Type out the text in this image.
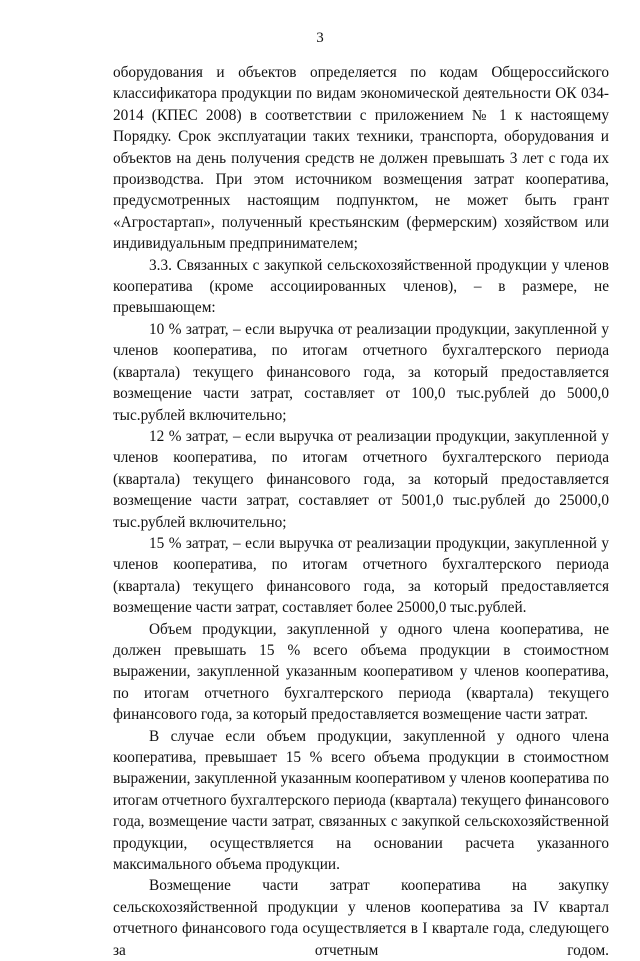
3

оборудования и объектов определяется по кодам Общероссийского классификатора продукции по видам экономической деятельности ОК 034-2014 (КПЕС 2008) в соответствии с приложением № 1 к настоящему Порядку. Срок эксплуатации таких техники, транспорта, оборудования и объектов на день получения средств не должен превышать 3 лет с года их производства. При этом источником возмещения затрат кооператива, предусмотренных настоящим подпунктом, не может быть грант «Агростартап», полученный крестьянским (фермерским) хозяйством или индивидуальным предпринимателем;

3.3. Связанных с закупкой сельскохозяйственной продукции у членов кооператива (кроме ассоциированных членов), – в размере, не превышающем:

10 % затрат, – если выручка от реализации продукции, закупленной у членов кооператива, по итогам отчетного бухгалтерского периода (квартала) текущего финансового года, за который предоставляется возмещение части затрат, составляет от 100,0 тыс.рублей до 5000,0 тыс.рублей включительно;

12 % затрат, – если выручка от реализации продукции, закупленной у членов кооператива, по итогам отчетного бухгалтерского периода (квартала) текущего финансового года, за который предоставляется возмещение части затрат, составляет от 5001,0 тыс.рублей до 25000,0 тыс.рублей включительно;

15 % затрат, – если выручка от реализации продукции, закупленной у членов кооператива, по итогам отчетного бухгалтерского периода (квартала) текущего финансового года, за который предоставляется возмещение части затрат, составляет более 25000,0 тыс.рублей.

Объем продукции, закупленной у одного члена кооператива, не должен превышать 15 % всего объема продукции в стоимостном выражении, закупленной указанным кооперативом у членов кооператива, по итогам отчетного бухгалтерского периода (квартала) текущего финансового года, за который предоставляется возмещение части затрат.

В случае если объем продукции, закупленной у одного члена кооператива, превышает 15 % всего объема продукции в стоимостном выражении, закупленной указанным кооперативом у членов кооператива по итогам отчетного бухгалтерского периода (квартала) текущего финансового года, возмещение части затрат, связанных с закупкой сельскохозяйственной продукции, осуществляется на основании расчета указанного максимального объема продукции.

Возмещение части затрат кооператива на закупку сельскохозяйственной продукции у членов кооператива за IV квартал отчетного финансового года осуществляется в I квартале года, следующего за отчетным годом.
